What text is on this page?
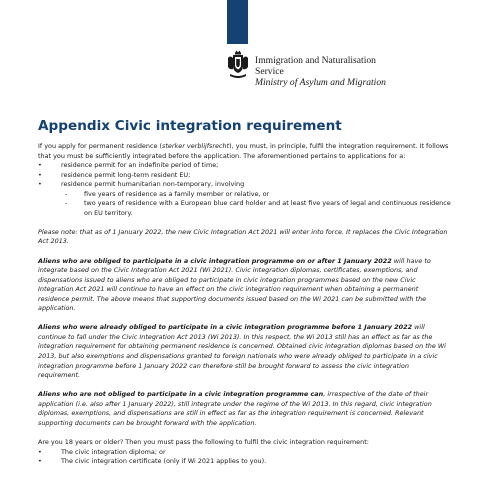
Immigration and Naturalisation
Service
Ministry of Asylum and Migration
Appendix Civic integration requirement

If you apply for permanent residence (sterker verblijfsrecht), you must, in principle, fulfil the integration requirement. It follows that you must be sufficiently integrated before the application. The aforementioned pertains to applications for a:

• residence permit for an indefinite period of time;
• residence permit long-term resident EU;
• residence permit humanitarian non-temporary, involving
- five years of residence as a family member or relative, or
- two years of residence with a European blue card holder and at least five years of legal and continuous residence on EU territory.

Please note: that as of 1 January 2022, the new Civic Integration Act 2021 will enter into force. It replaces the Civic Integration Act 2013.

Aliens who are obliged to participate in a civic integration programme on or after 1 January 2022 will have to integrate based on the Civic Integration Act 2021 (Wi 2021). Civic integration diplomas, certificates, exemptions, and dispensations issued to aliens who are obliged to participate in civic integration programmes based on the new Civic Integration Act 2021 will continue to have an effect on the civic integration requirement when obtaining a permanent residence permit. The above means that supporting documents issued based on the Wi 2021 can be submitted with the application.

Aliens who were already obliged to participate in a civic integration programme before 1 January 2022 will continue to fall under the Civic Integration Act 2013 (Wi 2013). In this respect, the Wi 2013 still has an effect as far as the integration requirement for obtaining permanent residence is concerned. Obtained civic integration diplomas based on the Wi 2013, but also exemptions and dispensations granted to foreign nationals who were already obliged to participate in a civic integration programme before 1 January 2022 can therefore still be brought forward to assess the civic integration requirement.

Aliens who are not obliged to participate in a civic integration programme can, irrespective of the date of their application (i.e. also after 1 January 2022), still integrate under the regime of the Wi 2013. In this regard, civic integration diplomas, exemptions, and dispensations are still in effect as far as the integration requirement is concerned. Relevant supporting documents can be brought forward with the application.

Are you 18 years or older? Then you must pass the following to fulfil the civic integration requirement:

• The civic integration diploma; or
• The civic integration certificate (only if Wi 2021 applies to you).
